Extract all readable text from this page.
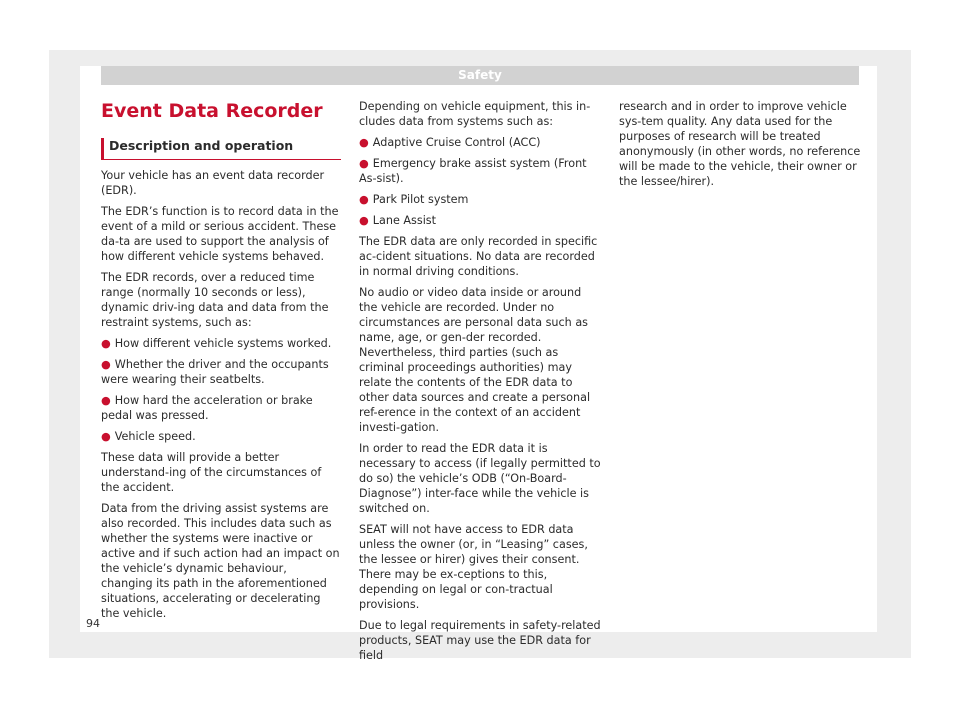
Safety
Event Data Recorder
Description and operation

Your vehicle has an event data recorder (EDR).

The EDR’s function is to record data in the event of a mild or serious accident. These da-ta are used to support the analysis of how different vehicle systems behaved.

The EDR records, over a reduced time range (normally 10 seconds or less), dynamic driv-ing data and data from the restraint systems, such as:

● How different vehicle systems worked.
● Whether the driver and the occupants were wearing their seatbelts.
● How hard the acceleration or brake pedal was pressed.
● Vehicle speed.

These data will provide a better understand-ing of the circumstances of the accident.

Data from the driving assist systems are also recorded. This includes data such as whether the systems were inactive or active and if such action had an impact on the vehicle’s dynamic behaviour, changing its path in the aforementioned situations, accelerating or decelerating the vehicle.

Depending on vehicle equipment, this in-cludes data from systems such as:

● Adaptive Cruise Control (ACC)
● Emergency brake assist system (Front As-sist).
● Park Pilot system
● Lane Assist

The EDR data are only recorded in specific ac-cident situations. No data are recorded in normal driving conditions.

No audio or video data inside or around the vehicle are recorded. Under no circumstances are personal data such as name, age, or gen-der recorded. Nevertheless, third parties (such as criminal proceedings authorities) may relate the contents of the EDR data to other data sources and create a personal ref-erence in the context of an accident investi-gation.

In order to read the EDR data it is necessary to access (if legally permitted to do so) the vehicle’s ODB (“On-Board-Diagnose”) inter-face while the vehicle is switched on.

SEAT will not have access to EDR data unless the owner (or, in “Leasing” cases, the lessee or hirer) gives their consent. There may be ex-ceptions to this, depending on legal or con-tractual provisions.

Due to legal requirements in safety-related products, SEAT may use the EDR data for field

research and in order to improve vehicle sys-tem quality. Any data used for the purposes of research will be treated anonymously (in other words, no reference will be made to the vehicle, their owner or the lessee/hirer).

94
